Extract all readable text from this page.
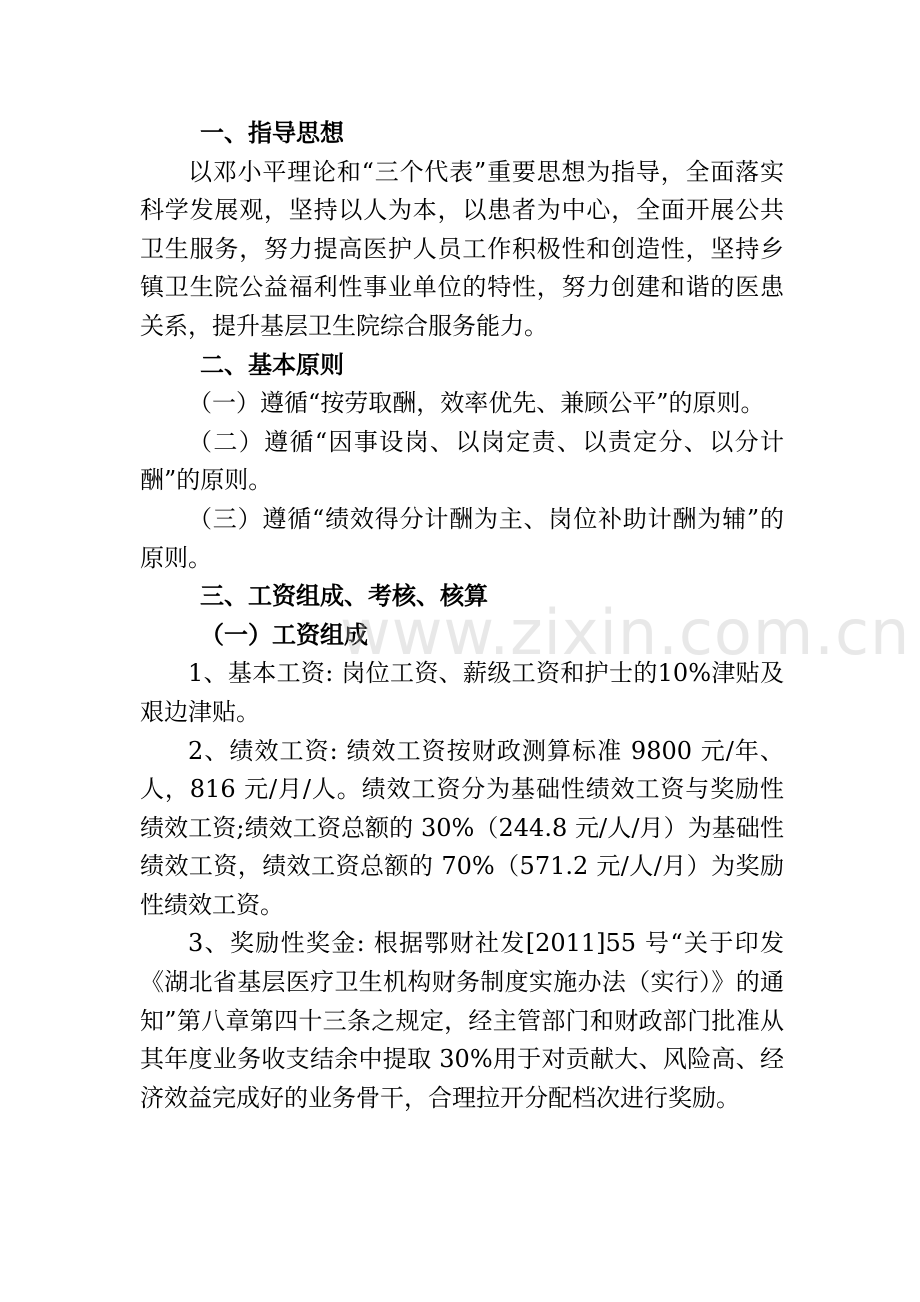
一、指导思想

以邓小平理论和“三个代表”重要思想为指导，全面落实科学发展观，坚持以人为本，以患者为中心，全面开展公共卫生服务，努力提高医护人员工作积极性和创造性，坚持乡镇卫生院公益福利性事业单位的特性，努力创建和谐的医患关系，提升基层卫生院综合服务能力。

二、基本原则

（一）遵循“按劳取酬，效率优先、兼顾公平”的原则。

（二）遵循“因事设岗、以岗定责、以责定分、以分计酬”的原则。

（三）遵循“绩效得分计酬为主、岗位补助计酬为辅”的原则。

三、工资组成、考核、核算

（一）工资组成

1、基本工资: 岗位工资、薪级工资和护士的10%津贴及艰边津贴。

2、绩效工资: 绩效工资按财政测算标准 9800 元/年、人，816 元/月/人。绩效工资分为基础性绩效工资与奖励性绩效工资;绩效工资总额的 30%（244.8 元/人/月）为基础性绩效工资，绩效工资总额的 70%（571.2 元/人/月）为奖励性绩效工资。

3、奖励性奖金: 根据鄂财社发[2011]55 号“关于印发《湖北省基层医疗卫生机构财务制度实施办法（实行）》的通知”第八章第四十三条之规定，经主管部门和财政部门批准从其年度业务收支结余中提取 30%用于对贡献大、风险高、经济效益完成好的业务骨干，合理拉开分配档次进行奖励。

www.zixin.com.cn
